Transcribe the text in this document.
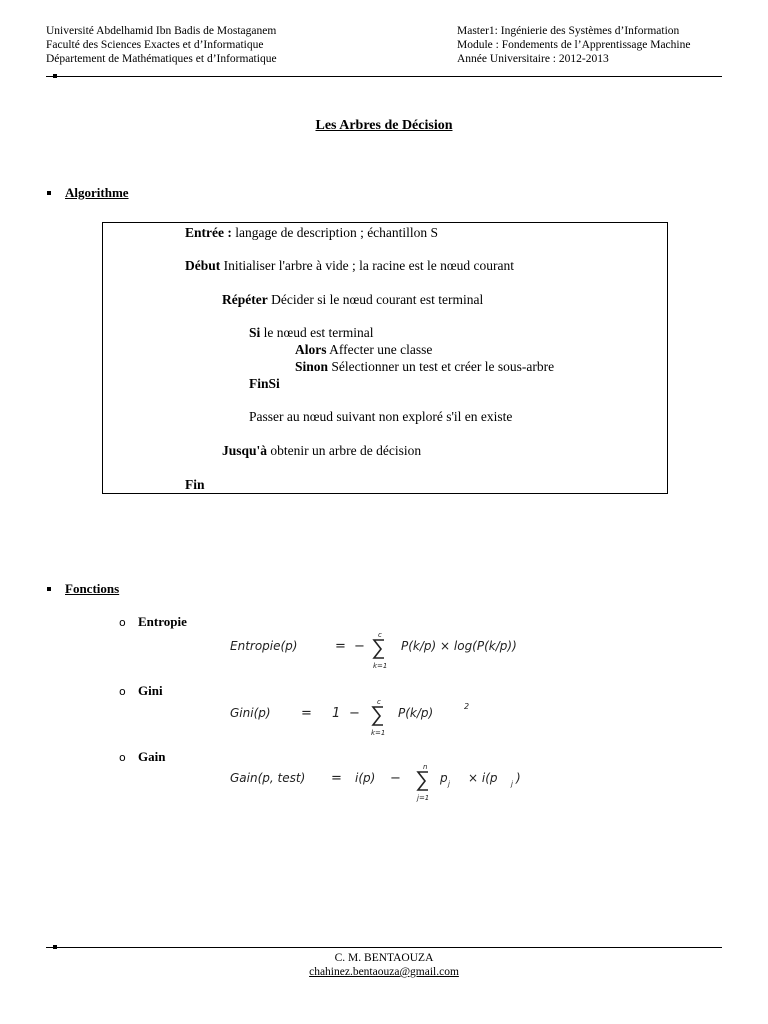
Université Abdelhamid Ibn Badis de Mostaganem
Faculté des Sciences Exactes et d’Informatique
Département de Mathématiques et d’Informatique
Master1: Ingénierie des Systèmes d’Information
Module : Fondements de l’Apprentissage Machine
Année Universitaire : 2012-2013
Les Arbres de Décision
Algorithme
Entrée : langage de description ; échantillon S
Début Initialiser l'arbre à vide ; la racine est le nœud courant
Répéter Décider si le nœud courant est terminal
Si le nœud est terminal
Alors Affecter une classe
Sinon Sélectionner un test et créer le sous-arbre
FinSi
Passer au nœud suivant non exploré s'il en existe
Jusqu'à obtenir un arbre de décision
Fin
Fonctions
o Entropie
Entropie(p)	= −
c
k=1
P(k/p) × log(P(k/p))
o Gini
Gini(p) = 1 −
c
k=1
P(k/p)	2
o Gain
Gain(p, test) = i(p) −
n
j=1
p j × i(p j )
C. M. BENTAOUZA
chahinez.bentaouza@gmail.com
